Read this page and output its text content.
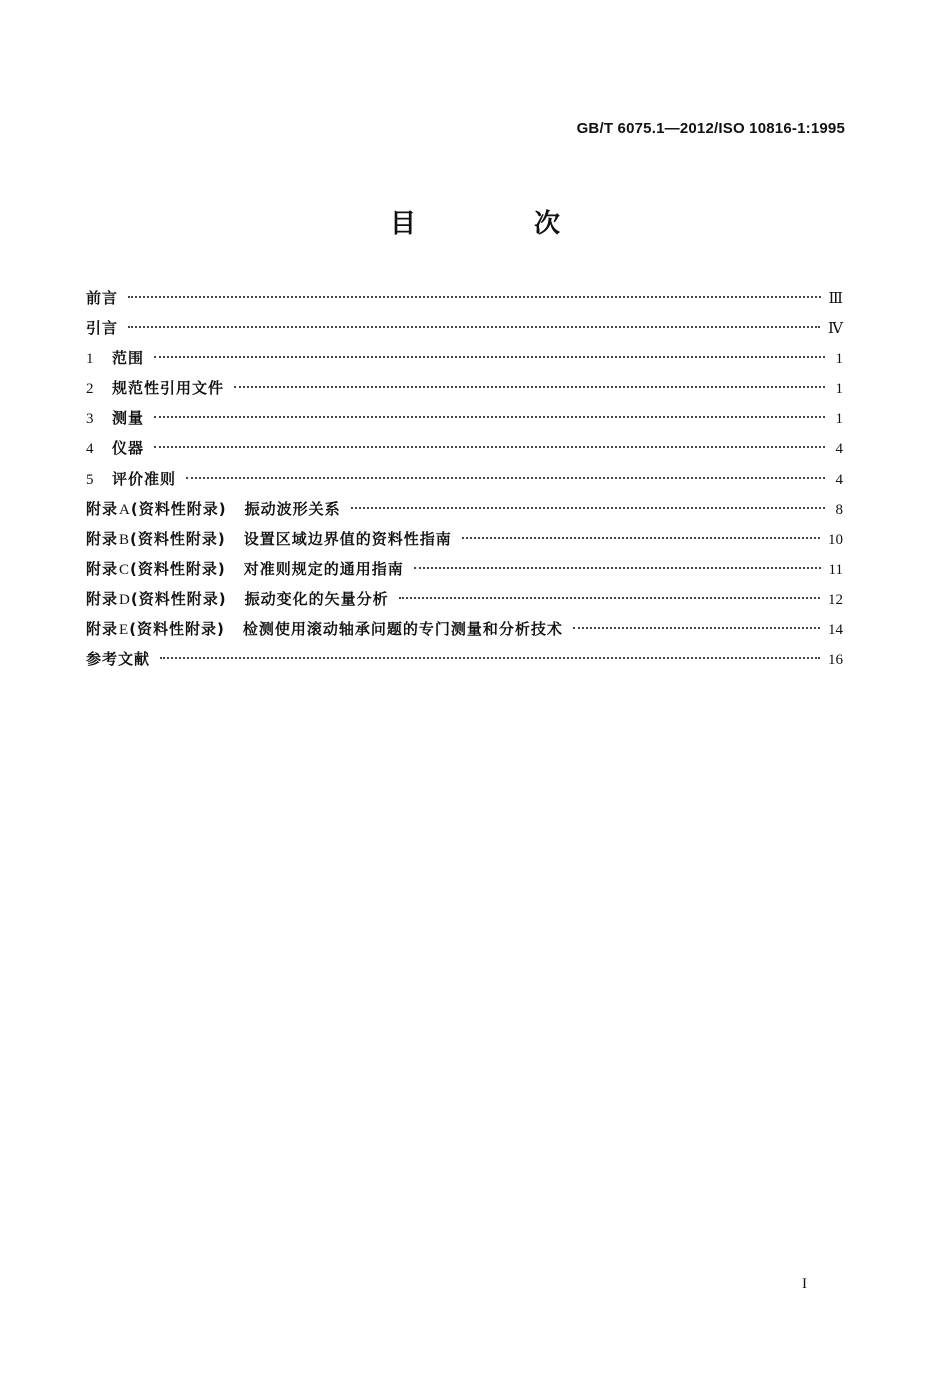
GB/T 6075.1—2012/ISO 10816-1:1995
目　次
前言	Ⅲ
引言	Ⅳ
1	范围	1
2	规范性引用文件	1
3	测量	1
4	仪器	4
5	评价准则	4
附录 A (资料性附录) 振动波形关系	8
附录 B (资料性附录) 设置区域边界值的资料性指南	10
附录 C (资料性附录) 对准则规定的通用指南	11
附录 D (资料性附录) 振动变化的矢量分析	12
附录 E (资料性附录) 检测使用滚动轴承问题的专门测量和分析技术	14
参考文献	16
I
